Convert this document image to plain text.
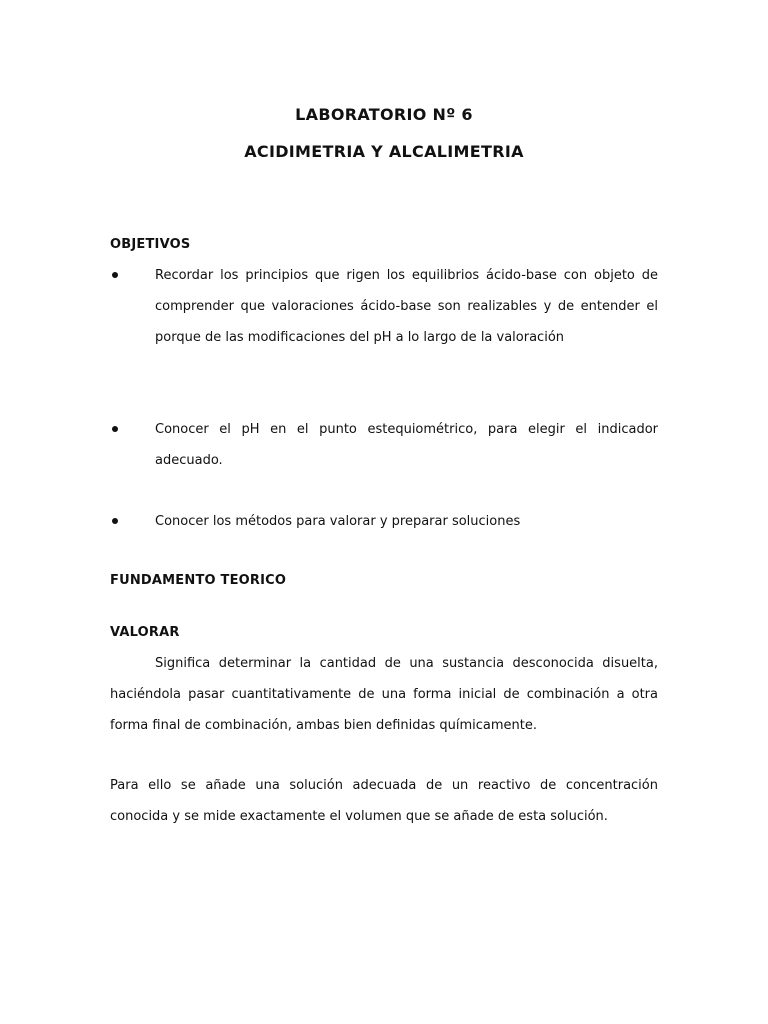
LABORATORIO Nº 6
ACIDIMETRIA Y ALCALIMETRIA
OBJETIVOS
Recordar los principios que rigen los equilibrios ácido-base con objeto de comprender que valoraciones ácido-base son realizables y de entender el porque de las modificaciones del pH a lo largo de la valoración
Conocer el pH en el punto estequiométrico, para elegir el indicador adecuado.
Conocer los métodos para valorar y preparar soluciones
FUNDAMENTO TEORICO
VALORAR
Significa determinar la cantidad de una sustancia desconocida disuelta, haciéndola pasar cuantitativamente de una forma inicial de combinación a otra forma final de combinación, ambas bien definidas químicamente.
Para ello se añade una solución adecuada de un reactivo de concentración conocida y se mide exactamente el volumen que se añade de esta solución.
